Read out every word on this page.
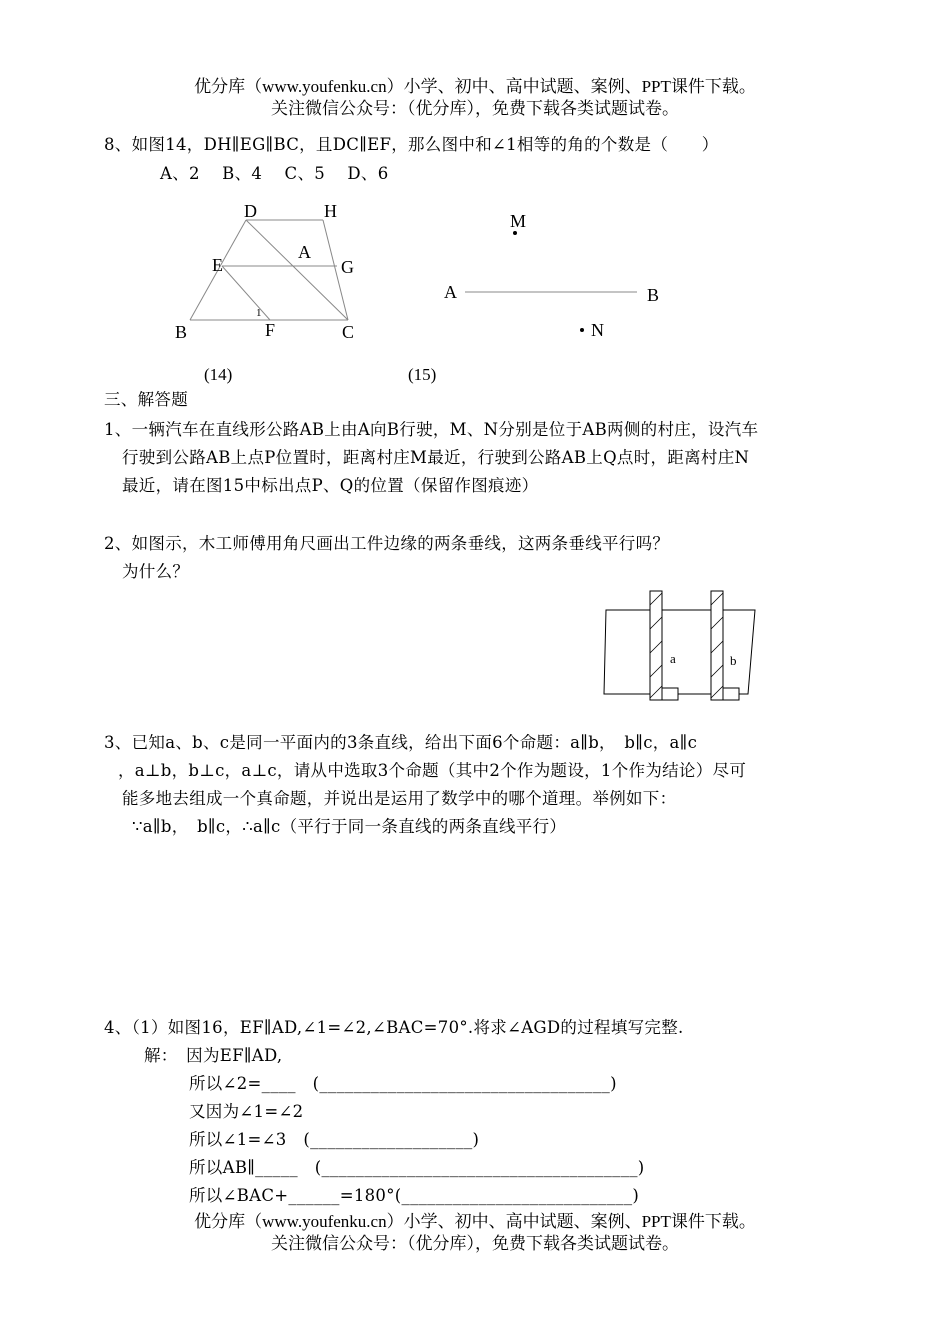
优分库（www.youfenku.cn）小学、初中、高中试题、案例、PPT课件下载。
关注微信公众号：（优分库），免费下载各类试题试卷。
8、如图14，DH∥EG∥BC，且DC∥EF，那么图中和∠1相等的角的个数是（　　）
A、2　 B、4　 C、5　 D、6
D	H
E
A
G
B
1
F	C
(14)
M
A	B
N
(15)
三、解答题
1、一辆汽车在直线形公路AB上由A向B行驶，M、N分别是位于AB两侧的村庄，设汽车
行驶到公路AB上点P位置时，距离村庄M最近，行驶到公路AB上Q点时，距离村庄N
最近，请在图15中标出点P、Q的位置（保留作图痕迹）
2、如图示，木工师傅用角尺画出工件边缘的两条垂线，这两条垂线平行吗？
为什么？
a	b
3、已知a、b、c是同一平面内的3条直线，给出下面6个命题：a∥b，　b∥c，a∥c
，a⊥b，b⊥c，a⊥c，请从中选取3个命题（其中2个作为题设，1个作为结论）尽可
能多地去组成一个真命题，并说出是运用了数学中的哪个道理。举例如下：
∵a∥b，　b∥c，∴a∥c（平行于同一条直线的两条直线平行）
4、（1）如图16，EF∥AD,∠1=∠2,∠BAC=70°.将求∠AGD的过程填写完整.
解：　因为EF∥AD,
所以∠2=____　(__________________________________)
又因为∠1=∠2
所以∠1=∠3　(___________________)
所以AB∥_____　(_____________________________________)
所以∠BAC+______=180°(___________________________)
优分库（www.youfenku.cn）小学、初中、高中试题、案例、PPT课件下载。
关注微信公众号：（优分库），免费下载各类试题试卷。
